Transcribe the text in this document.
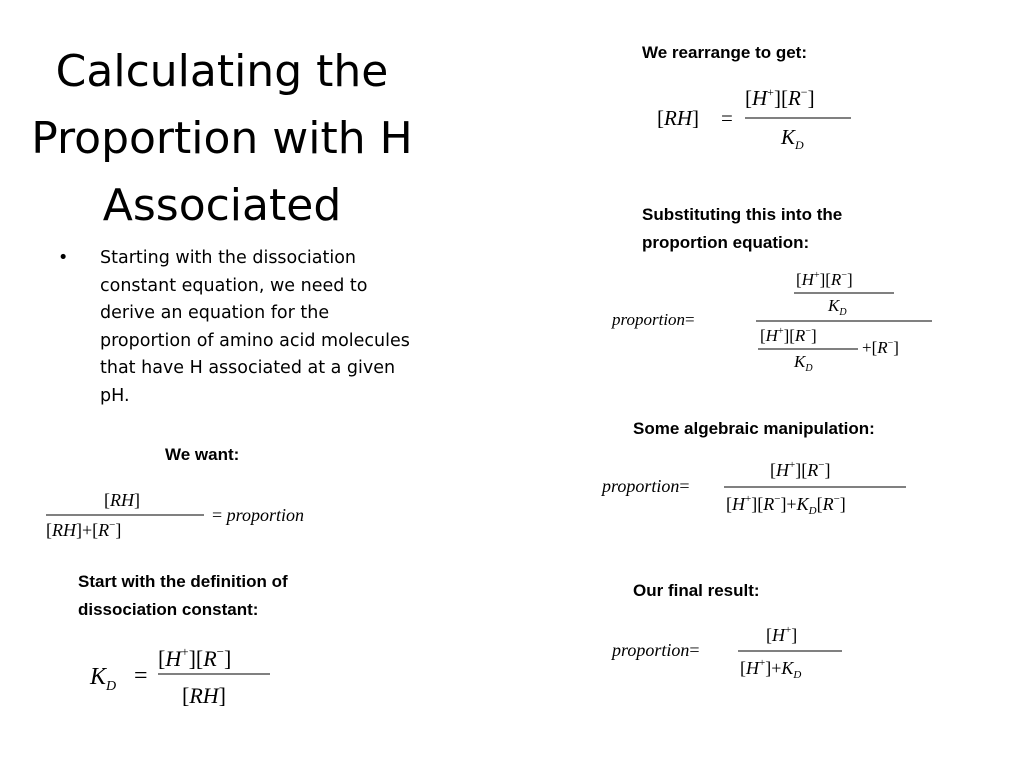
Calculating the
Proportion with H
Associated
• Starting with the dissociation constant equation, we need to derive an equation for the proportion of amino acid molecules that have H associated at a given pH.
We want:
Start with the definition of
dissociation constant:
We rearrange to get:
Substituting this into the
proportion equation:
Some algebraic manipulation:
Our final result:
[RH]
[RH]+[R−]
= proportion
$K_D$ =
[H+][R−]
[RH]
[RH] =
[H+][R−]
$K_D$
[H+][R−]
$K_D$
proportion=
[H+][R−]
$K_D$
+[R−]
[H+][R−]
proportion=
$[H^+][R^-]+K_D[R^-]$
[H+]
proportion=
$[H^+]+K_D$
